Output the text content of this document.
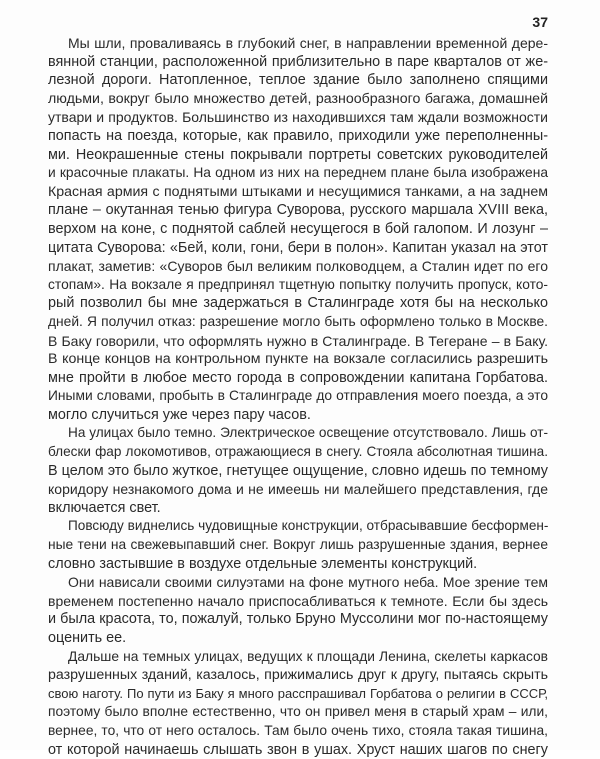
37
Мы шли, проваливаясь в глубокий снег, в направлении временной дере-
вянной станции, расположенной приблизительно в паре кварталов от же-
лезной дороги. Натопленное, теплое здание было заполнено спящими
людьми, вокруг было множество детей, разнообразного багажа, домашней
утвари и продуктов. Большинство из находившихся там ждали возможности
попасть на поезда, которые, как правило, приходили уже переполненны-
ми. Неокрашенные стены покрывали портреты советских руководителей
и красочные плакаты. На одном из них на переднем плане была изображена
Красная армия с поднятыми штыками и несущимися танками, а на заднем
плане – окутанная тенью фигура Суворова, русского маршала XVIII века,
верхом на коне, с поднятой саблей несущегося в бой галопом. И лозунг –
цитата Суворова: «Бей, коли, гони, бери в полон». Капитан указал на этот
плакат, заметив: «Суворов был великим полководцем, а Сталин идет по его
стопам». На вокзале я предпринял тщетную попытку получить пропуск, кото-
рый позволил бы мне задержаться в Сталинграде хотя бы на несколько
дней. Я получил отказ: разрешение могло быть оформлено только в Москве.
В Баку говорили, что оформлять нужно в Сталинграде. В Тегеране – в Баку.
В конце концов на контрольном пункте на вокзале согласились разрешить
мне пройти в любое место города в сопровождении капитана Горбатова.
Иными словами, пробыть в Сталинграде до отправления моего поезда, а это
могло случиться уже через пару часов.
На улицах было темно. Электрическое освещение отсутствовало. Лишь от-
блески фар локомотивов, отражающиеся в снегу. Стояла абсолютная тишина.
В целом это было жуткое, гнетущее ощущение, словно идешь по темному
коридору незнакомого дома и не имеешь ни малейшего представления, где
включается свет.
Повсюду виднелись чудовищные конструкции, отбрасывавшие бесформен-
ные тени на свежевыпавший снег. Вокруг лишь разрушенные здания, вернее
словно застывшие в воздухе отдельные элементы конструкций.
Они нависали своими силуэтами на фоне мутного неба. Мое зрение тем
временем постепенно начало приспосабливаться к темноте. Если бы здесь
и была красота, то, пожалуй, только Бруно Муссолини мог по-настоящему
оценить ее.
Дальше на темных улицах, ведущих к площади Ленина, скелеты каркасов
разрушенных зданий, казалось, прижимались друг к другу, пытаясь скрыть
свою наготу. По пути из Баку я много расспрашивал Горбатова о религии в СССР,
поэтому было вполне естественно, что он привел меня в старый храм – или,
вернее, то, что от него осталось. Там было очень тихо, стояла такая тишина,
от которой начинаешь слышать звон в ушах. Хруст наших шагов по снегу
